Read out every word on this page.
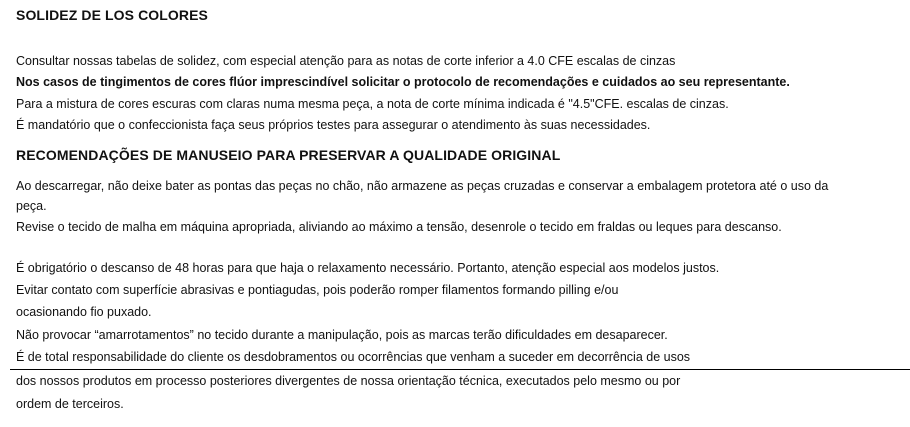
SOLIDEZ DE LOS COLORES
Consultar nossas tabelas de solidez, com especial atenção para as notas de corte inferior a 4.0 CFE escalas de cinzas
Nos casos de tingimentos de cores flúor imprescindível solicitar o protocolo de recomendações e cuidados ao seu representante.
Para a mistura de cores escuras com claras numa mesma peça, a nota de corte mínima indicada é "4.5"CFE. escalas de cinzas.
É mandatório que o confeccionista faça seus próprios testes para assegurar o atendimento às suas necessidades.
RECOMENDAÇÕES DE MANUSEIO PARA PRESERVAR A QUALIDADE ORIGINAL
Ao descarregar, não deixe bater as pontas das peças no chão, não armazene as peças cruzadas e conservar a embalagem protetora até o uso da
peça.
Revise o tecido de malha em máquina apropriada, aliviando ao máximo a tensão, desenrole o tecido em fraldas ou leques para descanso.
É obrigatório o descanso de 48 horas para que haja o relaxamento necessário. Portanto, atenção especial aos modelos justos.
Evitar contato com superfície abrasivas e pontiagudas, pois poderão romper filamentos formando pilling e/ou
ocasionando fio puxado.
Não provocar “amarrotamentos” no tecido durante a manipulação, pois as marcas terão dificuldades em desaparecer.
É de total responsabilidade do cliente os desdobramentos ou ocorrências que venham a suceder em decorrência de usos
dos nossos produtos em processo posteriores divergentes de nossa orientação técnica, executados pelo mesmo ou por
ordem de terceiros.
